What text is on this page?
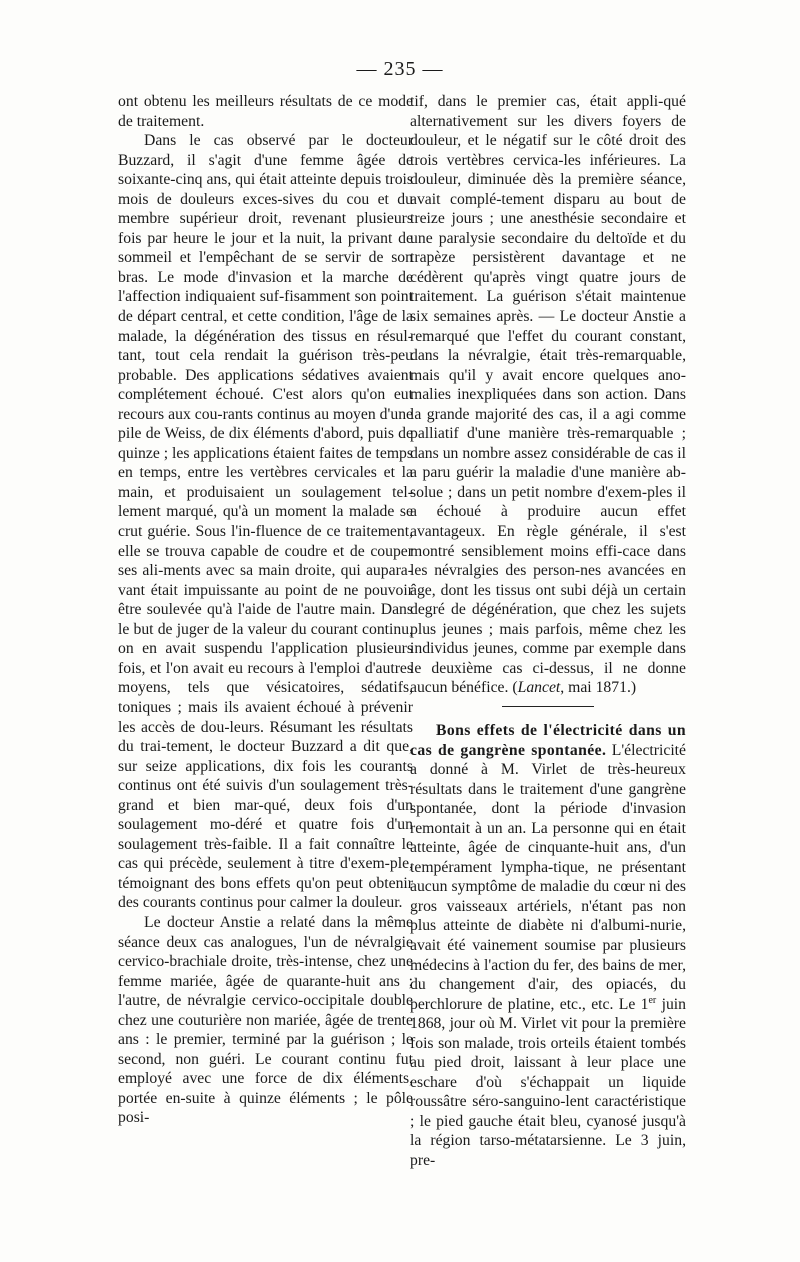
— 235 —

ont obtenu les meilleurs résultats de ce mode de traitement.

Dans le cas observé par le docteur Buzzard, il s'agit d'une femme âgée de soixante-cinq ans, qui était atteinte depuis trois mois de douleurs exces-sives du cou et du membre supérieur droit, revenant plusieurs fois par heure le jour et la nuit, la privant de sommeil et l'empêchant de se servir de son bras. Le mode d'invasion et la marche de l'affection indiquaient suf-fisamment son point de départ central, et cette condition, l'âge de la malade, la dégénération des tissus en résul-tant, tout cela rendait la guérison très-peu probable. Des applications sédatives avaient complétement échoué. C'est alors qu'on eut recours aux cou-rants continus au moyen d'une pile de Weiss, de dix éléments d'abord, puis de quinze ; les applications étaient faites de temps en temps, entre les vertèbres cervicales et la main, et produisaient un soulagement tel-lement marqué, qu'à un moment la malade se crut guérie. Sous l'in-fluence de ce traitement, elle se trouva capable de coudre et de couper ses ali-ments avec sa main droite, qui aupara-vant était impuissante au point de ne pouvoir être soulevée qu'à l'aide de l'autre main. Dans le but de juger de la valeur du courant continu, on en avait suspendu l'application plusieurs fois, et l'on avait eu recours à l'emploi d'autres moyens, tels que vésicatoires, sédatifs, toniques ; mais ils avaient échoué à prévenir les accès de dou-leurs. Résumant les résultats du trai-tement, le docteur Buzzard a dit que, sur seize applications, dix fois les courants continus ont été suivis d'un soulagement très-grand et bien mar-qué, deux fois d'un soulagement mo-déré et quatre fois d'un soulagement très-faible. Il a fait connaître le cas qui précède, seulement à titre d'exem-ple, témoignant des bons effets qu'on peut obtenir des courants continus pour calmer la douleur.

Le docteur Anstie a relaté dans la même séance deux cas analogues, l'un de névralgie cervico-brachiale droite, très-intense, chez une femme mariée, âgée de quarante-huit ans ; l'autre, de névralgie cervico-occipitale double chez une couturière non mariée, âgée de trente ans : le premier, terminé par la guérison ; le second, non guéri. Le courant continu fut employé avec une force de dix éléments, portée en-suite à quinze éléments ; le pôle posi-

tif, dans le premier cas, était appli-qué alternativement sur les divers foyers de douleur, et le négatif sur le côté droit des trois vertèbres cervica-les inférieures. La douleur, diminuée dès la première séance, avait complé-tement disparu au bout de treize jours ; une anesthésie secondaire et une paralysie secondaire du deltoïde et du trapèze persistèrent davantage et ne cédèrent qu'après vingt quatre jours de traitement. La guérison s'était maintenue six semaines après. — Le docteur Anstie a remarqué que l'effet du courant constant, dans la névralgie, était très-remarquable, mais qu'il y avait encore quelques ano-malies inexpliquées dans son action. Dans la grande majorité des cas, il a agi comme palliatif d'une manière très-remarquable ; dans un nombre assez considérable de cas il a paru guérir la maladie d'une manière ab-solue ; dans un petit nombre d'exem-ples il a échoué à produire aucun effet avantageux. En règle générale, il s'est montré sensiblement moins effi-cace dans les névralgies des person-nes avancées en âge, dont les tissus ont subi déjà un certain degré de dégénération, que chez les sujets plus jeunes ; mais parfois, même chez les individus jeunes, comme par exemple dans le deuxième cas ci-dessus, il ne donne aucun bénéfice. (Lancet, mai 1871.)

Bons effets de l'électricité dans un cas de gangrène spontanée. L'électricité a donné à M. Virlet de très-heureux résultats dans le traitement d'une gangrène spontanée, dont la période d'invasion remontait à un an. La personne qui en était atteinte, âgée de cinquante-huit ans, d'un tempérament lympha-tique, ne présentant aucun symptôme de maladie du cœur ni des gros vaisseaux artériels, n'étant pas non plus atteinte de diabète ni d'albumi-nurie, avait été vainement soumise par plusieurs médecins à l'action du fer, des bains de mer, du changement d'air, des opiacés, du perchlorure de platine, etc., etc. Le 1er juin 1868, jour où M. Virlet vit pour la première fois son malade, trois orteils étaient tombés au pied droit, laissant à leur place une eschare d'où s'échappait un liquide roussâtre séro-sanguino-lent caractéristique ; le pied gauche était bleu, cyanosé jusqu'à la région tarso-métatarsienne. Le 3 juin, pre-
